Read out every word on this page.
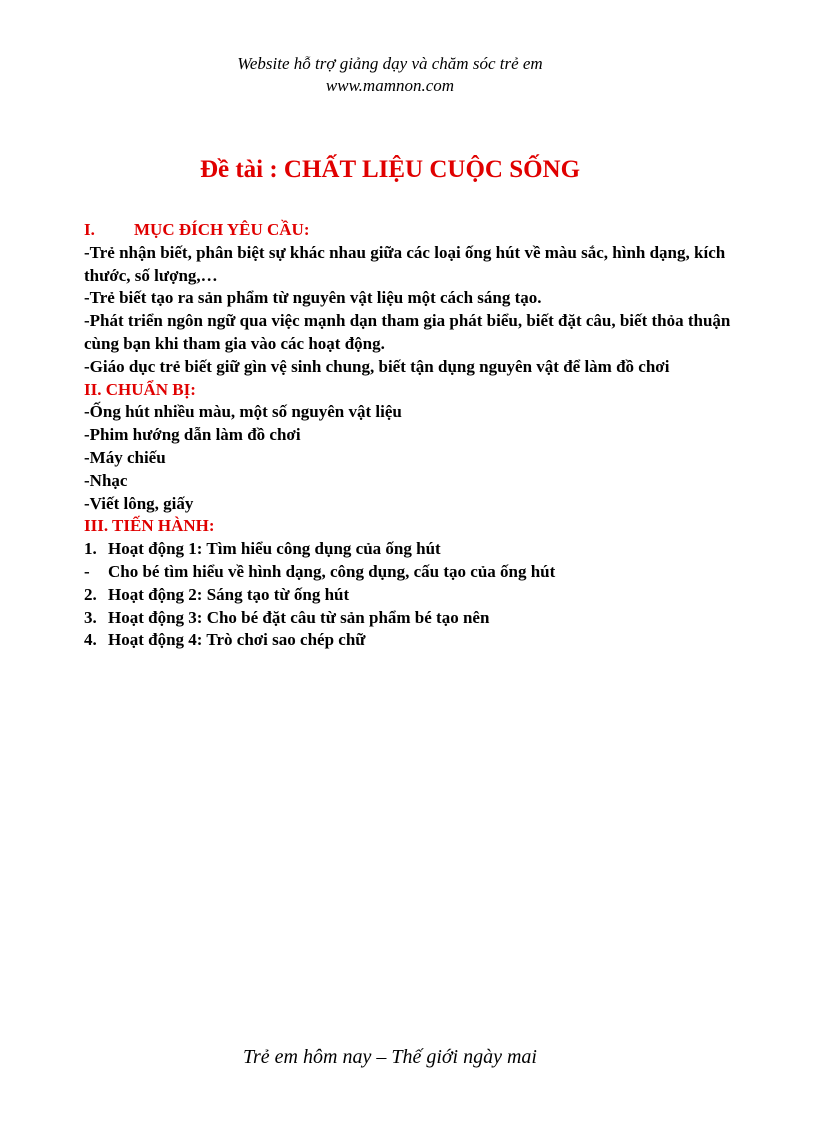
Website hỗ trợ giảng dạy và chăm sóc trẻ em
www.mamnon.com
Đề tài : CHẤT LIỆU CUỘC SỐNG

I. MỤC ĐÍCH YÊU CẦU:

-Trẻ nhận biết, phân biệt sự khác nhau giữa các loại ống hút về màu sắc, hình dạng, kích thước, số lượng,…

-Trẻ biết tạo ra sản phẩm từ nguyên vật liệu một cách sáng tạo.

-Phát triển ngôn ngữ qua việc mạnh dạn tham gia phát biểu, biết đặt câu, biết thỏa thuận cùng bạn khi tham gia vào các hoạt động.

-Giáo dục trẻ biết giữ gìn vệ sinh chung, biết tận dụng nguyên vật để làm đồ chơi

II. CHUẨN BỊ:

-Ống hút nhiều màu, một số nguyên vật liệu

-Phim hướng dẫn làm đồ chơi

-Máy chiếu

-Nhạc

-Viết lông, giấy

III. TIẾN HÀNH:

1. Hoạt động 1: Tìm hiểu công dụng của ống hút
-	Cho bé tìm hiểu về hình dạng, công dụng, cấu tạo của ống hút
2. Hoạt động 2: Sáng tạo từ ống hút
3. Hoạt động 3: Cho bé đặt câu từ sản phẩm bé tạo nên
4. Hoạt động 4: Trò chơi sao chép chữ
Trẻ em hôm nay – Thế giới ngày mai
